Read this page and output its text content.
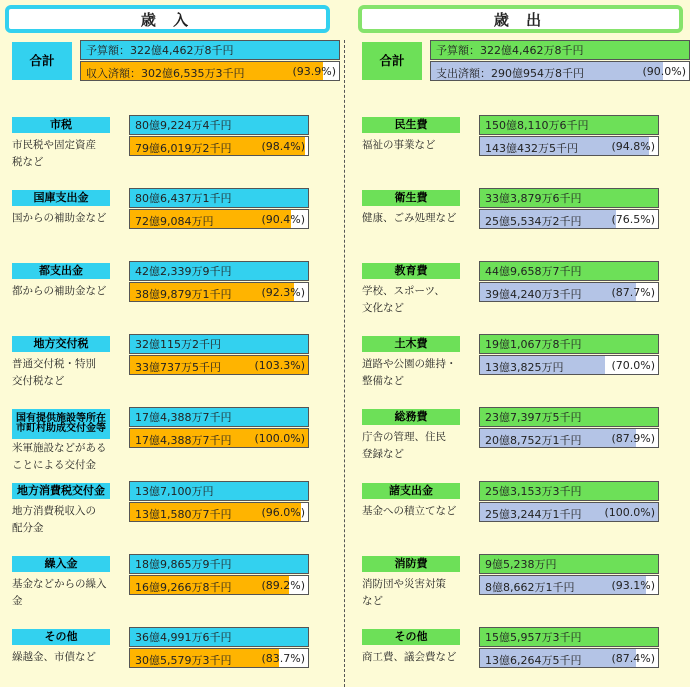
歳 入	歳 出
合計
予算額：322億4,462万8千円
収入済額：302億6,535万3千円	(93.9%)
市税
市民税や固定資産
税など
80億9,224万4千円
79億6,019万2千円	(98.4%)
国庫支出金
国からの補助金など
80億6,437万1千円
72億9,084万円	(90.4%)
都支出金
都からの補助金など
42億2,339万9千円
38億9,879万1千円	(92.3%)
地方交付税
普通交付税・特別
交付税など
32億115万2千円
33億737万5千円	(103.3%)
国有提供施設等所在 市町村助成交付金等
米軍施設などがある
ことによる交付金
17億4,388万7千円
17億4,388万7千円 (100.0%)
地方消費税交付金
地方消費税収入の
配分金
13億7,100万円
13億1,580万7千円	(96.0%)
繰入金
基金などからの繰入
金
18億9,865万9千円
16億9,266万8千円	(89.2%)
その他
繰越金、市債など
36億4,991万6千円
30億5,579万3千円	(83.7%)
合計
予算額：322億4,462万8千円
支出済額：290億954万8千円	(90.0%)
民生費
福祉の事業など
150億8,110万6千円
143億432万5千円	(94.8%)
衛生費
健康、ごみ処理など
33億3,879万6千円
25億5,534万2千円	(76.5%)
教育費
学校、スポーツ、
文化など
44億9,658万7千円
39億4,240万3千円	(87.7%)
土木費
道路や公園の維持・
整備など
19億1,067万8千円
13億3,825万円	(70.0%)
総務費
庁舎の管理、住民
登録など
23億7,397万5千円
20億8,752万1千円	(87.9%)
諸支出金
基金への積立てなど
25億3,153万3千円
25億3,244万1千円 (100.0%)
消防費
消防団や災害対策
など
9億5,238万円
8億8,662万1千円	(93.1%)
その他
商工費、議会費など
15億5,957万3千円
13億6,264万5千円	(87.4%)
